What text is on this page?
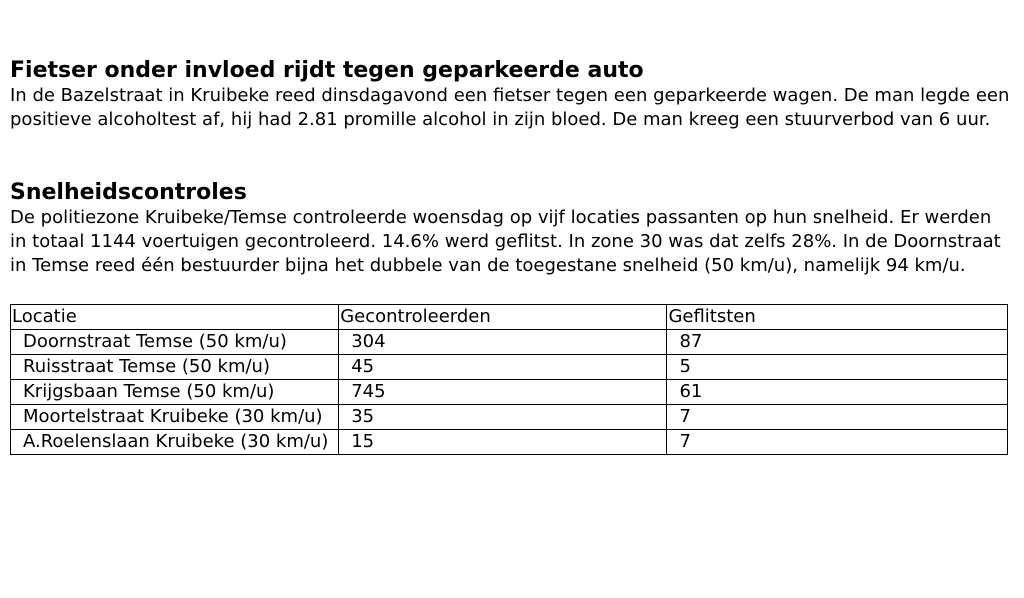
Fietser onder invloed rijdt tegen geparkeerde auto

In de Bazelstraat in Kruibeke reed dinsdagavond een fietser tegen een geparkeerde wagen. De man legde een positieve alcoholtest af, hij had 2.81 promille alcohol in zijn bloed. De man kreeg een stuurverbod van 6 uur.

Snelheidscontroles

De politiezone Kruibeke/Temse controleerde woensdag op vijf locaties passanten op hun snelheid. Er werden in totaal 1144 voertuigen gecontroleerd. 14.6% werd geflitst. In zone 30 was dat zelfs 28%. In de Doornstraat in Temse reed één bestuurder bijna het dubbele van de toegestane snelheid (50 km/u), namelijk 94 km/u.

Locatie	Gecontroleerden	Geflitsten
Doornstraat Temse (50 km/u)	304	87
Ruisstraat Temse (50 km/u)	45	5
Krijgsbaan Temse (50 km/u)	745	61
Moortelstraat Kruibeke (30 km/u)	35	7
A.Roelenslaan Kruibeke (30 km/u)	15	7
